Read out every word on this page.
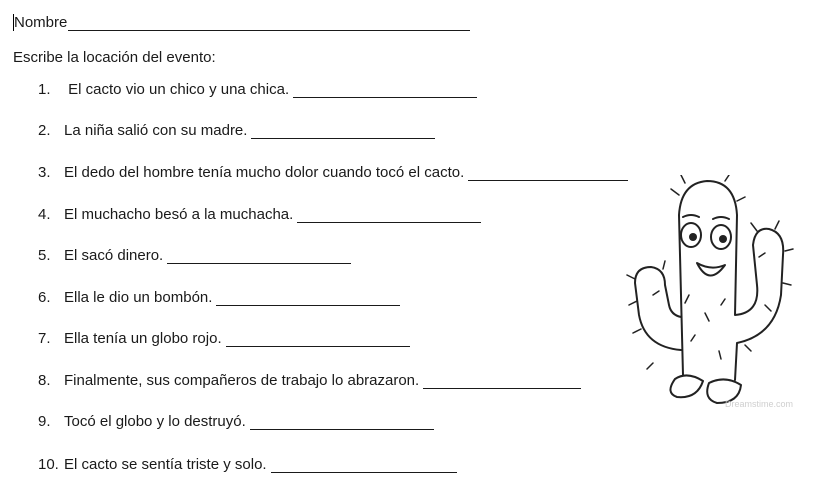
Nombre
Escribe la locación del evento:
1. El cacto vio un chico y una chica.
2. La niña salió con su madre.
3. El dedo del hombre tenía mucho dolor cuando tocó el cacto.
4. El muchacho besó a la muchacha.
5. El sacó dinero.
6. Ella le dio un bombón.
7. Ella tenía un globo rojo.
8. Finalmente, sus compañeros de trabajo lo abrazaron.
9. Tocó el globo y lo destruyó.
10. El cacto se sentía triste y solo.
Dreamstime.com
